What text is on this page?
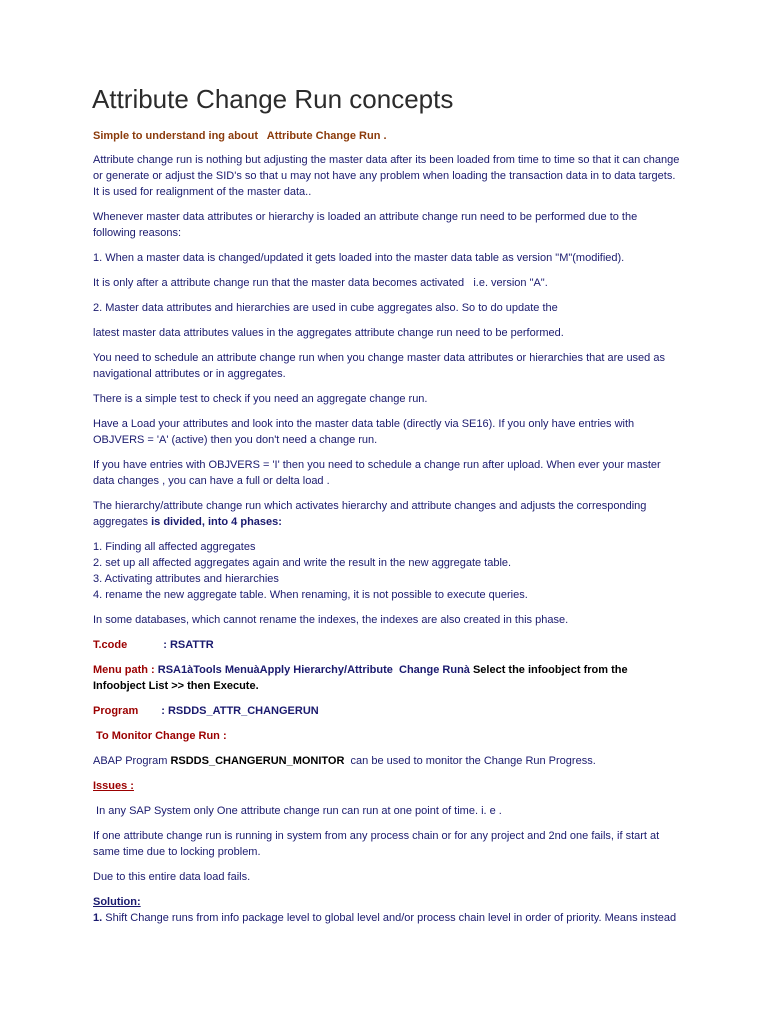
Attribute Change Run concepts

Simple to understand ing about   Attribute Change Run .

Attribute change run is nothing but adjusting the master data after its been loaded from time to time so that it can change or generate or adjust the SID's so that u may not have any problem when loading the transaction data in to data targets. It is used for realignment of the master data..

Whenever master data attributes or hierarchy is loaded an attribute change run need to be performed due to the following reasons:

1. When a master data is changed/updated it gets loaded into the master data table as version "M"(modified).

It is only after a attribute change run that the master data becomes activated   i.e. version "A".

2. Master data attributes and hierarchies are used in cube aggregates also. So to do update the

latest master data attributes values in the aggregates attribute change run need to be performed.

You need to schedule an attribute change run when you change master data attributes or hierarchies that are used as navigational attributes or in aggregates.

There is a simple test to check if you need an aggregate change run.

Have a Load your attributes and look into the master data table (directly via SE16). If you only have entries with OBJVERS = 'A' (active) then you don't need a change run.

If you have entries with OBJVERS = 'I' then you need to schedule a change run after upload. When ever your master data changes , you can have a full or delta load .

The hierarchy/attribute change run which activates hierarchy and attribute changes and adjusts the corresponding aggregates is divided, into 4 phases:

1. Finding all affected aggregates
2. set up all affected aggregates again and write the result in the new aggregate table.
3. Activating attributes and hierarchies
4. rename the new aggregate table. When renaming, it is not possible to execute queries.

In some databases, which cannot rename the indexes, the indexes are also created in this phase.

T.code	: RSATTR

Menu path : RSA1àTools MenuàApply Hierarchy/Attribute  Change Runà Select the infoobject from the Infoobject List >> then Execute.

Program : RSDDS_ATTR_CHANGERUN

To Monitor Change Run :

ABAP Program RSDDS_CHANGERUN_MONITOR  can be used to monitor the Change Run Progress.

Issues :

In any SAP System only One attribute change run can run at one point of time. i. e .

If one attribute change run is running in system from any process chain or for any project and 2nd one fails, if start at same time due to locking problem.

Due to this entire data load fails.

Solution:

1. Shift Change runs from info package level to global level and/or process chain level in order of priority. Means instead
